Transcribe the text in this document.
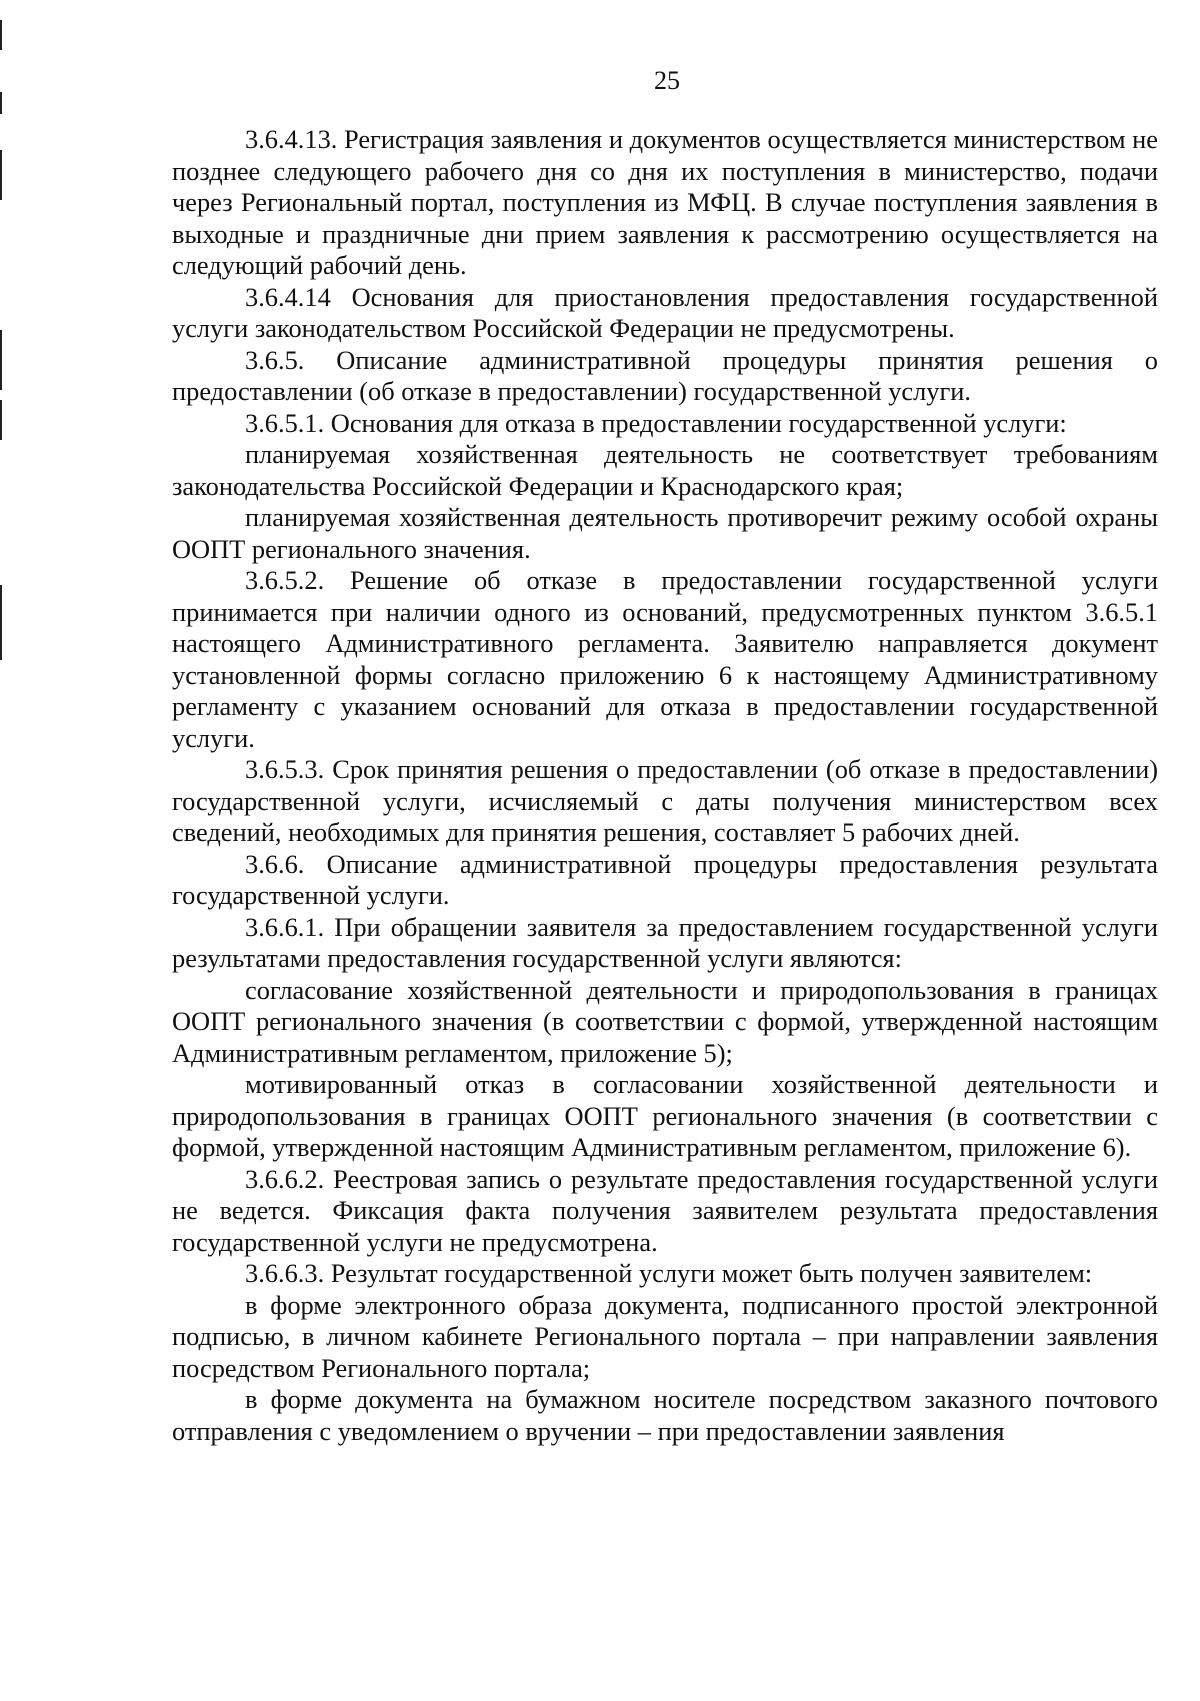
25

3.6.4.13. Регистрация заявления и документов осуществляется министерством не позднее следующего рабочего дня со дня их поступления в министерство, подачи через Региональный портал, поступления из МФЦ. В случае поступления заявления в выходные и праздничные дни прием заявления к рассмотрению осуществляется на следующий рабочий день.

3.6.4.14 Основания для приостановления предоставления государственной услуги законодательством Российской Федерации не предусмотрены.

3.6.5. Описание административной процедуры принятия решения о предоставлении (об отказе в предоставлении) государственной услуги.

3.6.5.1. Основания для отказа в предоставлении государственной услуги:

планируемая хозяйственная деятельность не соответствует требованиям законодательства Российской Федерации и Краснодарского края;

планируемая хозяйственная деятельность противоречит режиму особой охраны ООПТ регионального значения.

3.6.5.2. Решение об отказе в предоставлении государственной услуги принимается при наличии одного из оснований, предусмотренных пунктом 3.6.5.1 настоящего Административного регламента. Заявителю направляется документ установленной формы согласно приложению 6 к настоящему Административному регламенту с указанием оснований для отказа в предоставлении государственной услуги.

3.6.5.3. Срок принятия решения о предоставлении (об отказе в предоставлении) государственной услуги, исчисляемый с даты получения министерством всех сведений, необходимых для принятия решения, составляет 5 рабочих дней.

3.6.6. Описание административной процедуры предоставления результата государственной услуги.

3.6.6.1. При обращении заявителя за предоставлением государственной услуги результатами предоставления государственной услуги являются:

согласование хозяйственной деятельности и природопользования в границах ООПТ регионального значения (в соответствии с формой, утвержденной настоящим Административным регламентом, приложение 5);

мотивированный отказ в согласовании хозяйственной деятельности и природопользования в границах ООПТ регионального значения (в соответствии с формой, утвержденной настоящим Административным регламентом, приложение 6).

3.6.6.2. Реестровая запись о результате предоставления государственной услуги не ведется. Фиксация факта получения заявителем результата предоставления государственной услуги не предусмотрена.

3.6.6.3. Результат государственной услуги может быть получен заявителем:

в форме электронного образа документа, подписанного простой электронной подписью, в личном кабинете Регионального портала – при направлении заявления посредством Регионального портала;

в форме документа на бумажном носителе посредством заказного почтового отправления с уведомлением о вручении – при предоставлении заявления
